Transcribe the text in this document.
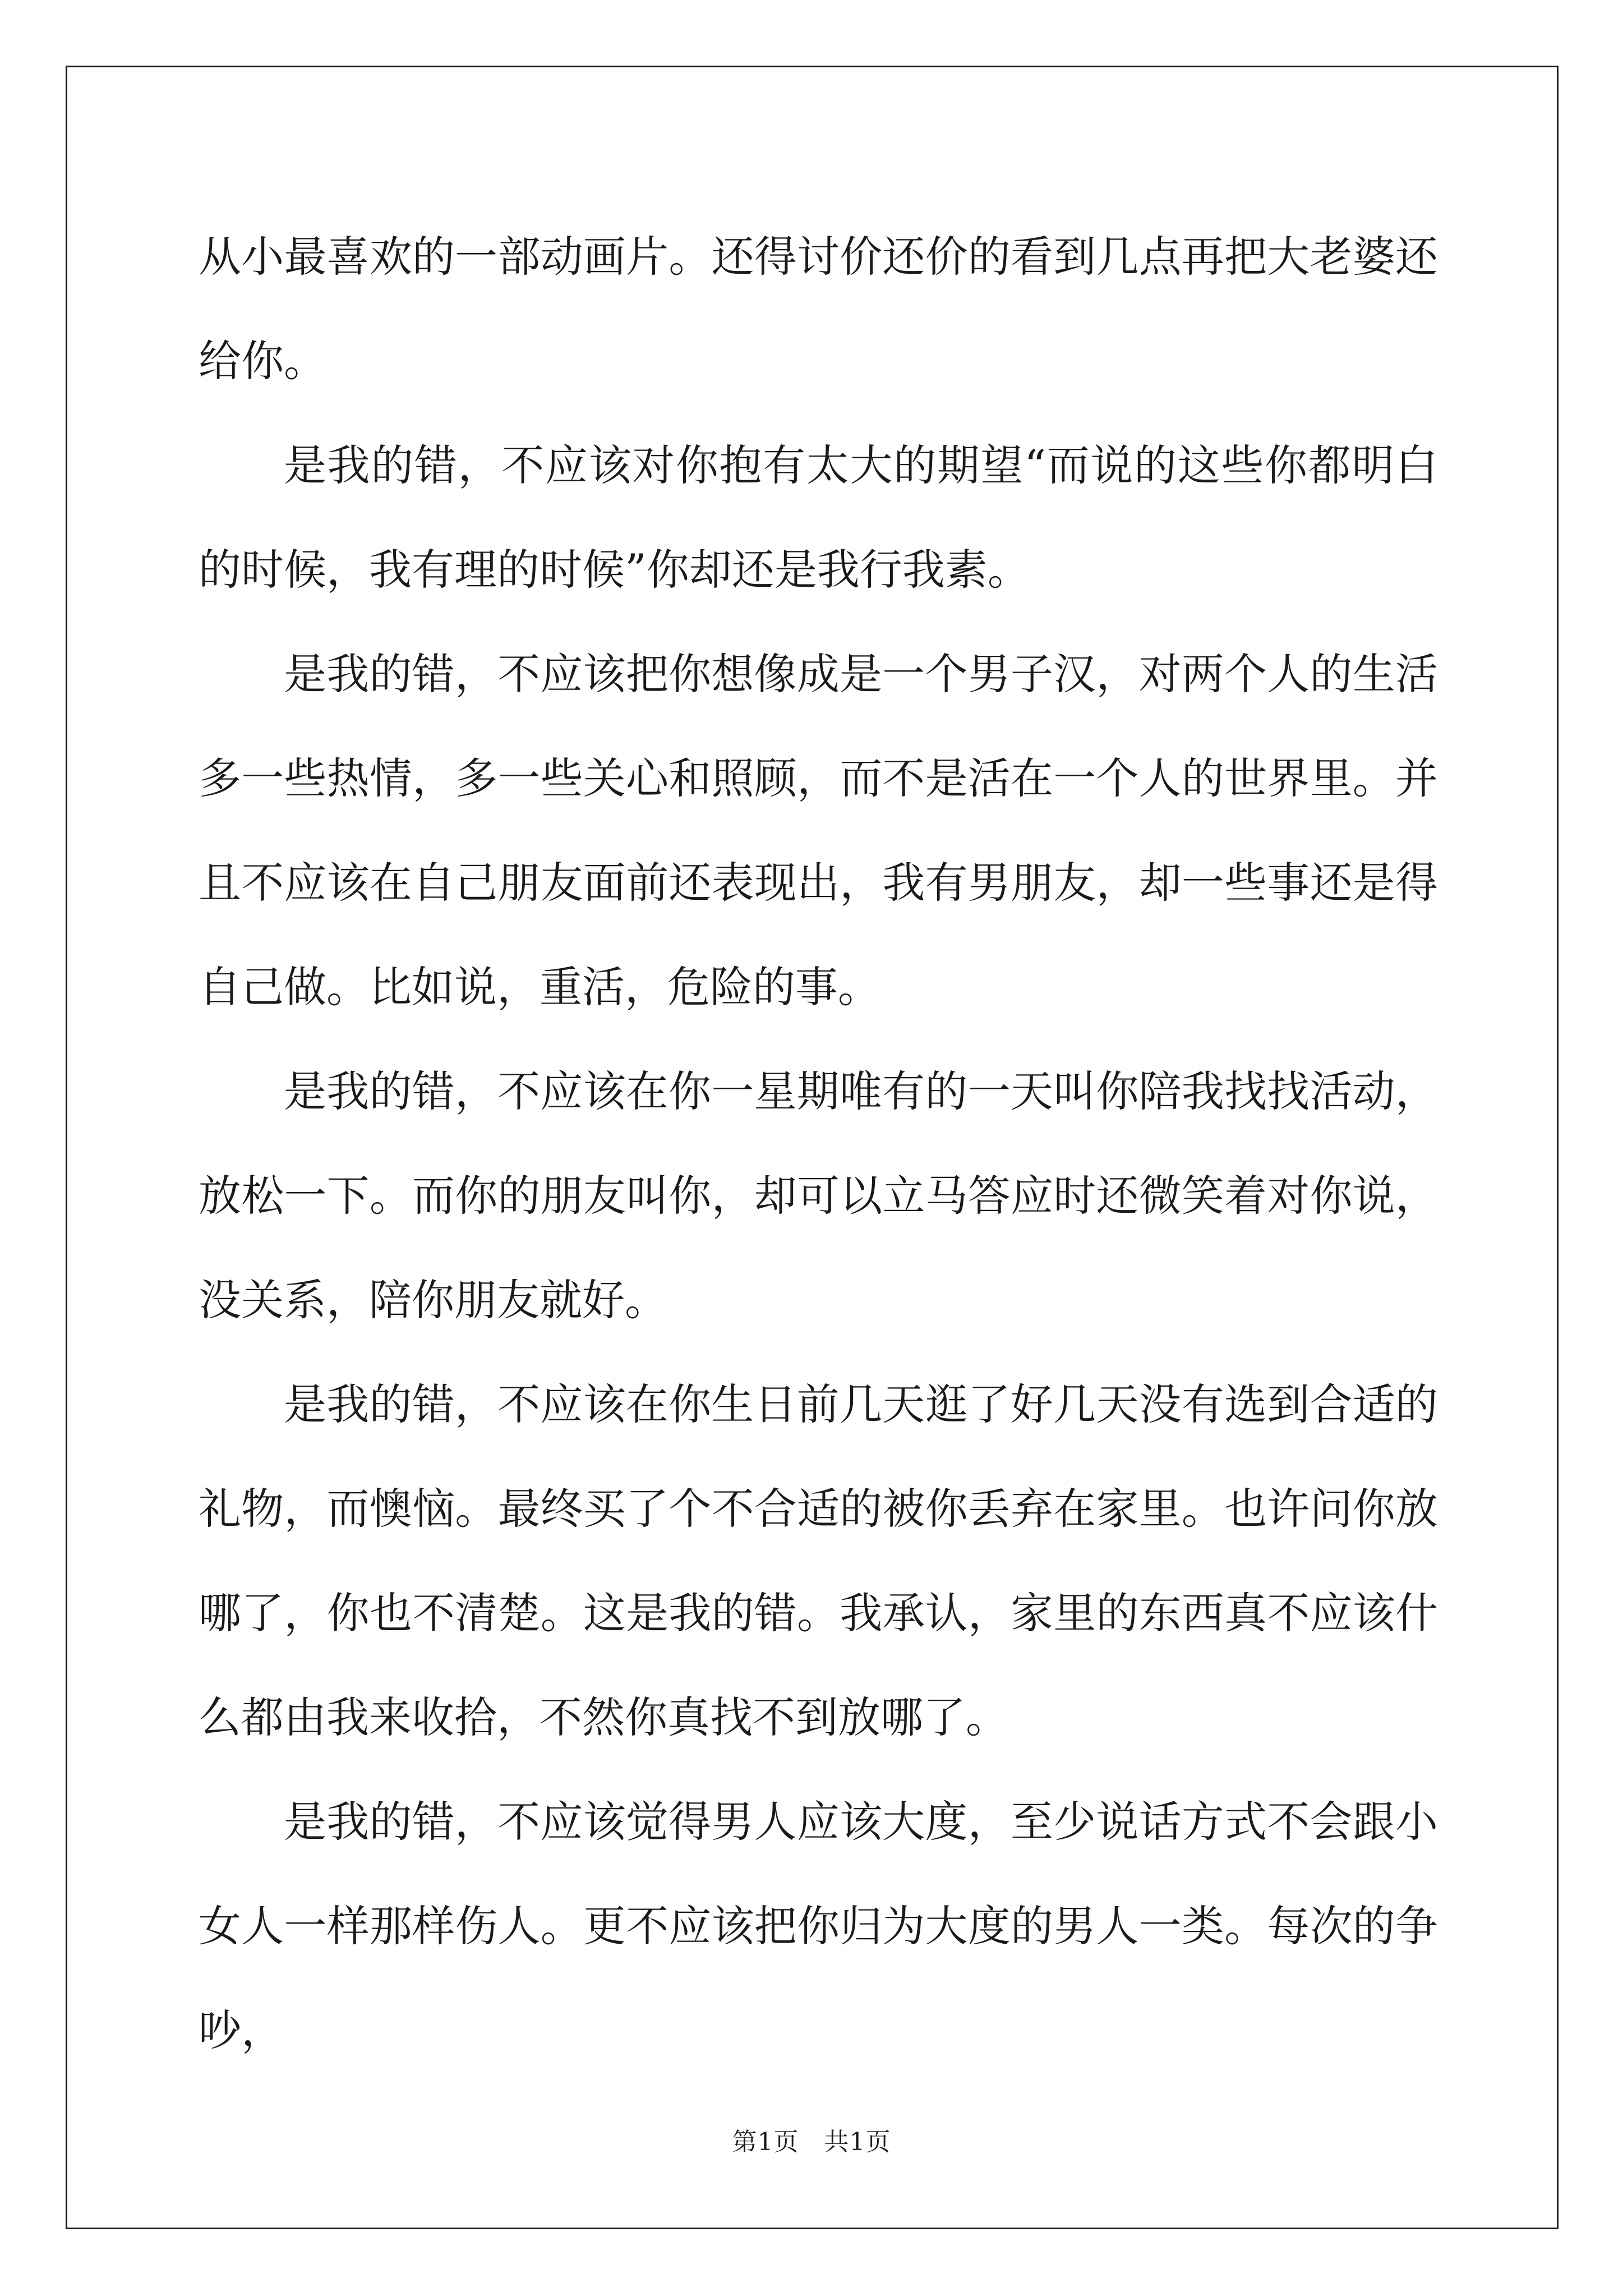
从小最喜欢的一部动画片。还得讨价还价的看到几点再把大老婆还给你。

是我的错，不应该对你抱有太大的期望“而说的这些你都明白的时候，我有理的时候”你却还是我行我素。

是我的错，不应该把你想像成是一个男子汉，对两个人的生活多一些热情，多一些关心和照顾，而不是活在一个人的世界里。并且不应该在自己朋友面前还表现出，我有男朋友，却一些事还是得自己做。比如说，重活，危险的事。

是我的错，不应该在你一星期唯有的一天叫你陪我找找活动，放松一下。而你的朋友叫你，却可以立马答应时还微笑着对你说，没关系，陪你朋友就好。

是我的错，不应该在你生日前几天逛了好几天没有选到合适的礼物，而懊恼。最终买了个不合适的被你丢弃在家里。也许问你放哪了，你也不清楚。这是我的错。我承认，家里的东西真不应该什么都由我来收拾，不然你真找不到放哪了。

是我的错，不应该觉得男人应该大度，至少说话方式不会跟小女人一样那样伤人。更不应该把你归为大度的男人一类。每次的争吵，

第1页　共1页
